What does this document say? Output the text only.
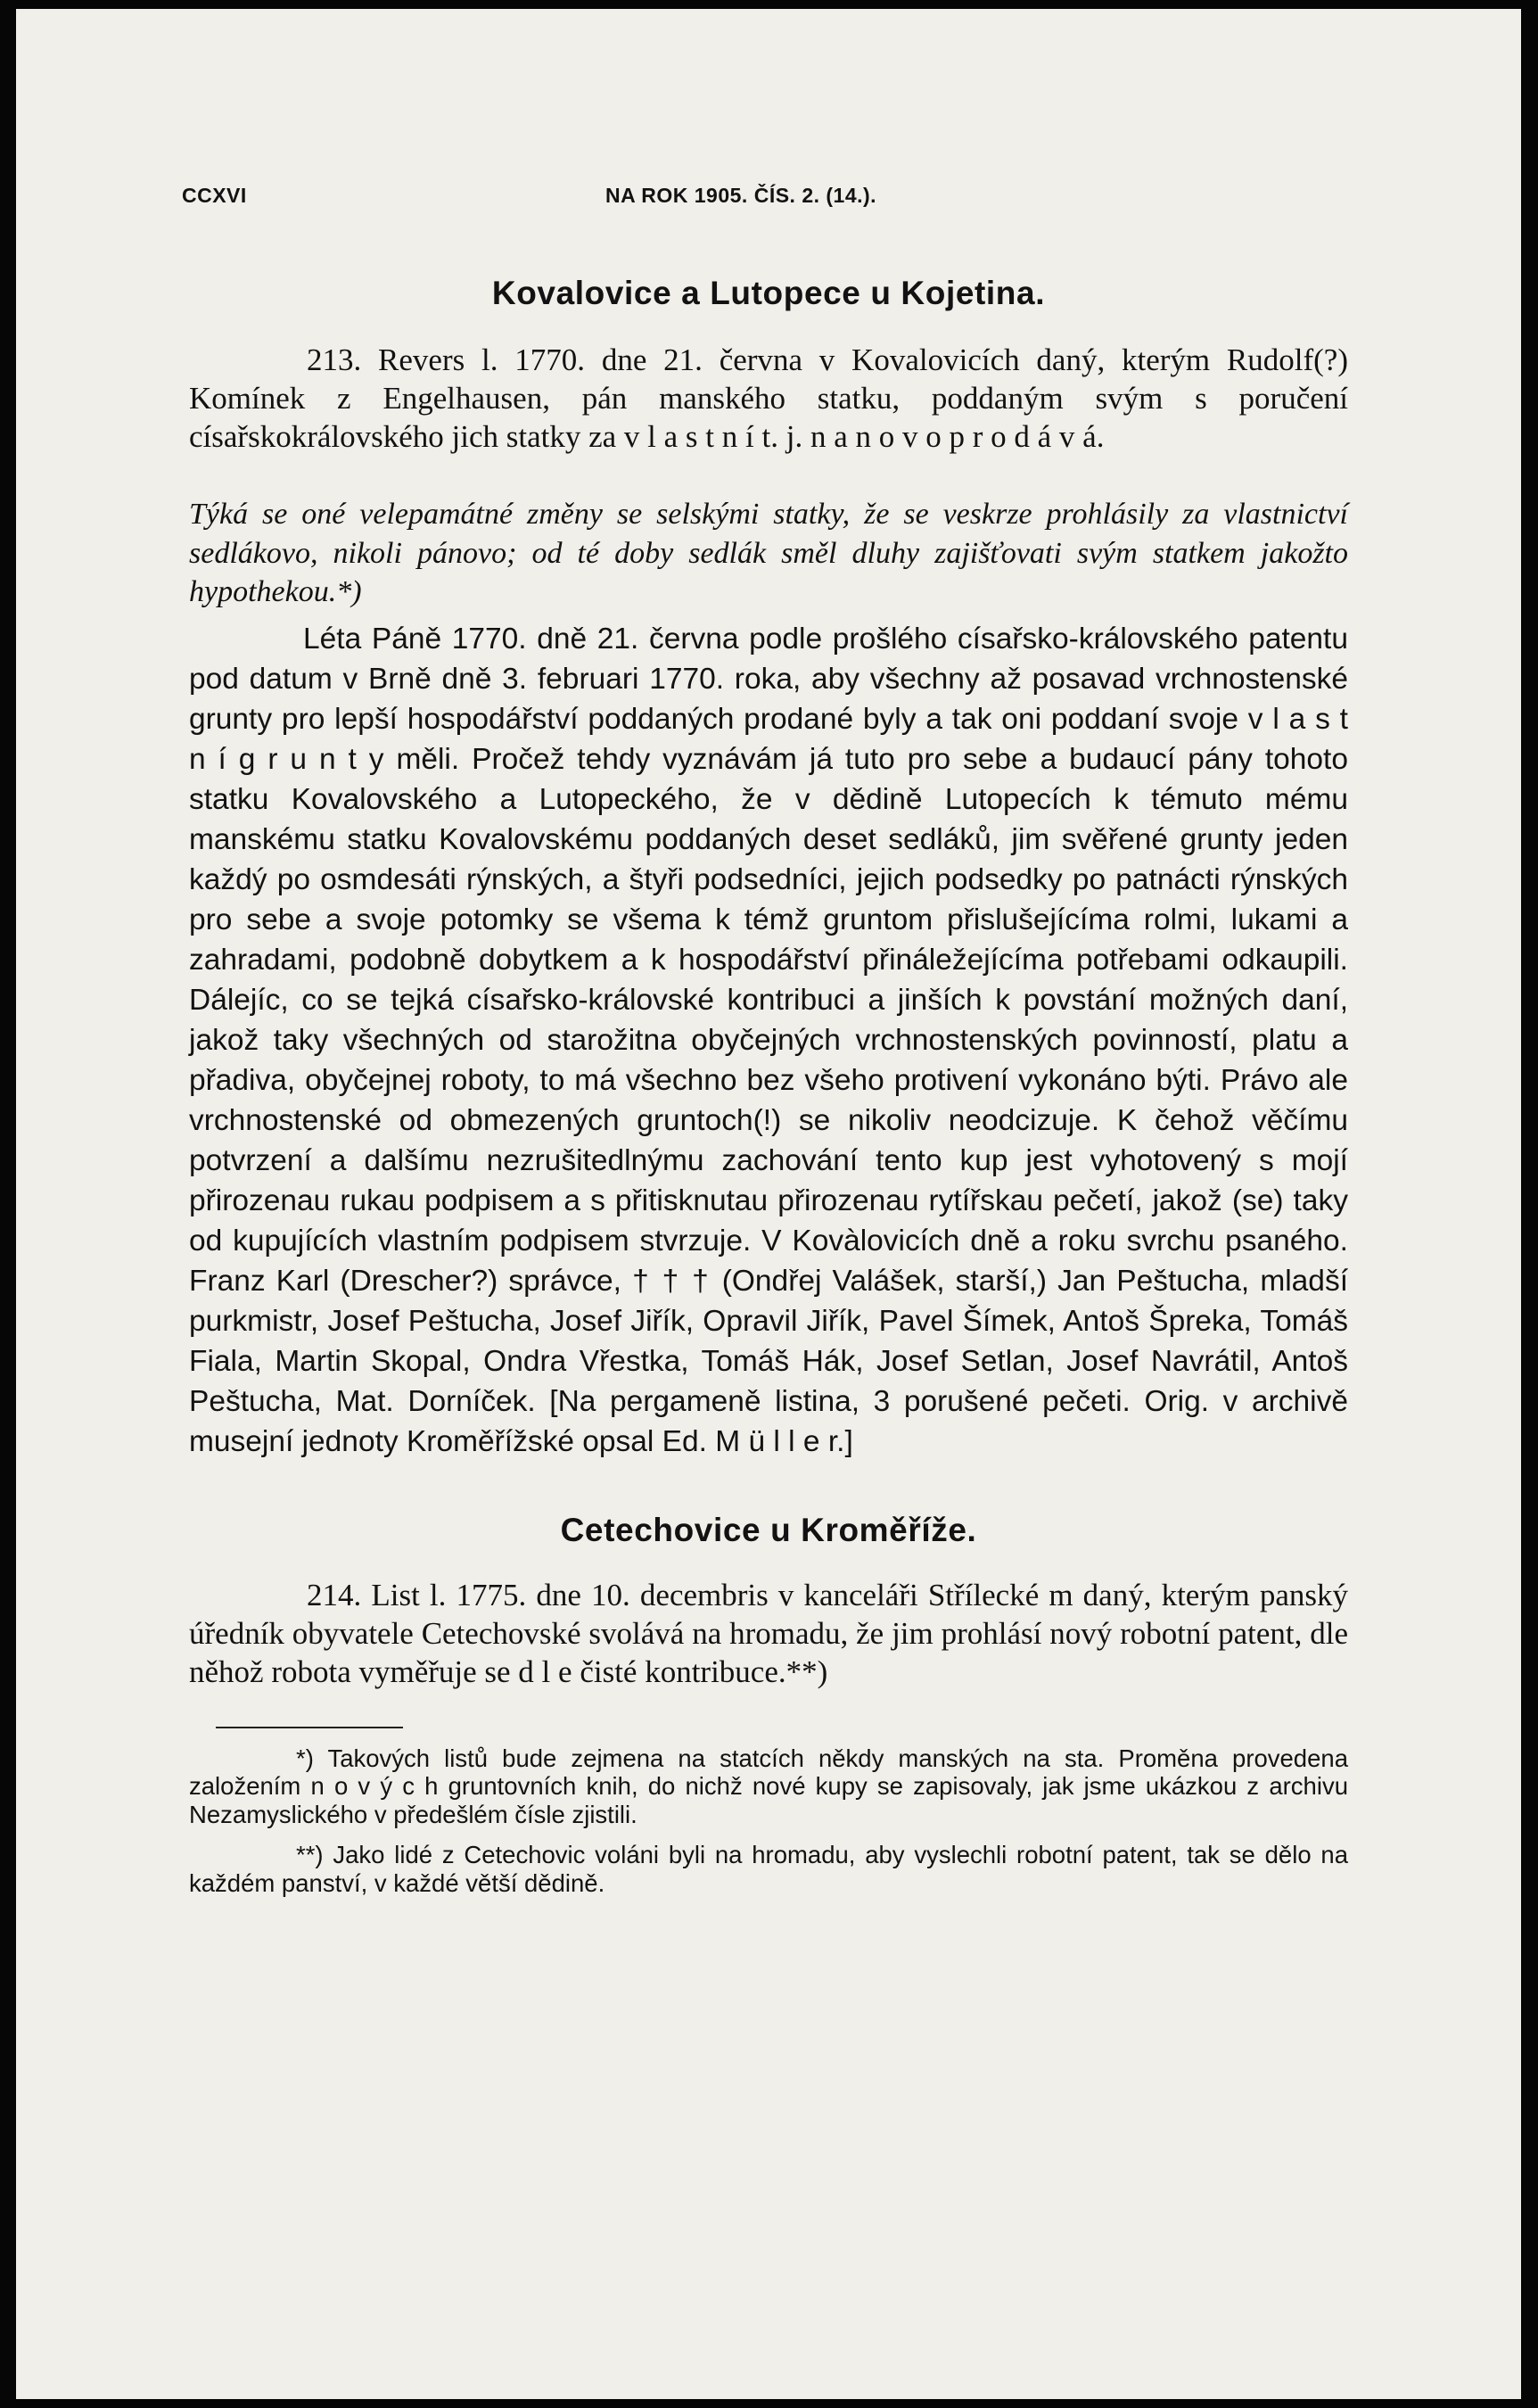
CCXVI	NA ROK 1905. ČÍS. 2. (14.).
Kovalovice a Lutopece u Kojetina.

213. Revers l. 1770. dne 21. června v Kovalovicích daný, kterým Rudolf(?) Komínek z Engelhausen, pán manského statku, poddaným svým s poručení císařskokrálovského jich statky za v l a s t n í t. j. n a n o v o p r o d á v á.

Týká se oné velepamátné změny se selskými statky, že se veskrze prohlásily za vlastnictví sedlákovo, nikoli pánovo; od té doby sedlák směl dluhy zajišťovati svým statkem jakožto hypothekou.*)

Léta Páně 1770. dně 21. června podle prošlého císařsko-královského patentu pod datum v Brně dně 3. februari 1770. roka, aby všechny až posavad vrchnostenské grunty pro lepší hospodářství poddaných prodané byly a tak oni poddaní svoje v l a s t n í g r u n t y měli. Pročež tehdy vyznávám já tuto pro sebe a budaucí pány tohoto statku Kovalovského a Lutopeckého, že v dědině Lutopecích k témuto mému manskému statku Kovalovskému poddaných deset sedláků, jim svěřené grunty jeden každý po osmdesáti rýnských, a štyři podsedníci, jejich podsedky po patnácti rýnských pro sebe a svoje potomky se všema k témž gruntom přislušejícíma rolmi, lukami a zahradami, podobně dobytkem a k hospodářství přináležejícíma potřebami odkaupili. Dálejíc, co se tejká císařsko-královské kontribuci a jinších k povstání možných daní, jakož taky všechných od starožitna obyčejných vrchnostenských povinností, platu a přadiva, obyčejnej roboty, to má všechno bez všeho protivení vykonáno býti. Právo ale vrchnostenské od obmezených gruntoch(!) se nikoliv neodcizuje. K čehož věčímu potvrzení a dalšímu nezrušitedlnýmu zachování tento kup jest vyhotovený s mojí přirozenau rukau podpisem a s přitisknutau přirozenau rytířskau pečetí, jakož (se) taky od kupujících vlastním podpisem stvrzuje. V Kovàlovicích dně a roku svrchu psaného. Franz Karl (Drescher?) správce, † † † (Ondřej Valášek, starší,) Jan Peštucha, mladší purkmistr, Josef Peštucha, Josef Jiřík, Opravil Jiřík, Pavel Šímek, Antoš Špreka, Tomáš Fiala, Martin Skopal, Ondra Vřestka, Tomáš Hák, Josef Setlan, Josef Navrátil, Antoš Peštucha, Mat. Dorníček. [Na pergameně listina, 3 porušené pečeti. Orig. v archivě musejní jednoty Kroměřížské opsal Ed. M ü l l e r.]

Cetechovice u Kroměříže.

214. List l. 1775. dne 10. decembris v kanceláři Střílecké m daný, kterým panský úředník obyvatele Cetechovské svolává na hromadu, že jim prohlásí nový robotní patent, dle něhož robota vyměřuje se d l e čisté kontribuce.**)

*) Takových listů bude zejmena na statcích někdy manských na sta. Proměna provedena založením n o v ý c h gruntovních knih, do nichž nové kupy se zapisovaly, jak jsme ukázkou z archivu Nezamyslického v předešlém čísle zjistili.

**) Jako lidé z Cetechovic voláni byli na hromadu, aby vyslechli robotní patent, tak se dělo na každém panství, v každé větší dědině.
